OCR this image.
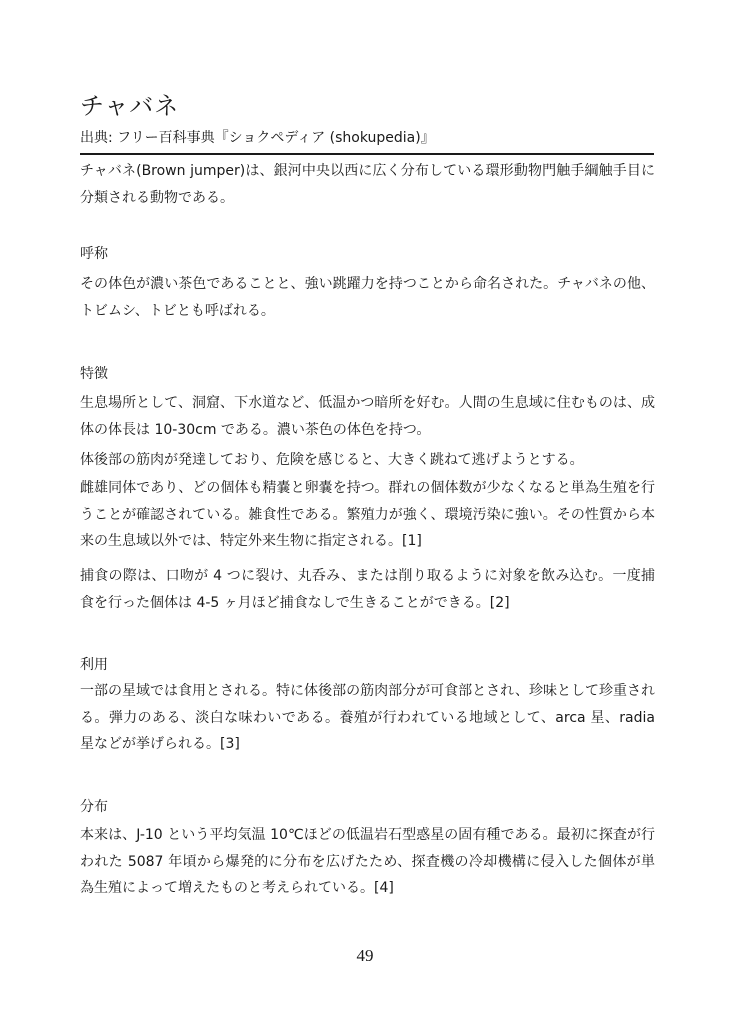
チャバネ
出典: フリー百科事典『ショクペディア (shokupedia)』

チャバネ(Brown jumper)は、銀河中央以西に広く分布している環形動物門触手綱触手目に分類される動物である。

呼称

その体色が濃い茶色であることと、強い跳躍力を持つことから命名された。チャバネの他、トビムシ、トビとも呼ばれる。

特徴

生息場所として、洞窟、下水道など、低温かつ暗所を好む。人間の生息域に住むものは、成体の体長は 10-30cm である。濃い茶色の体色を持つ。

体後部の筋肉が発達しており、危険を感じると、大きく跳ねて逃げようとする。

雌雄同体であり、どの個体も精嚢と卵嚢を持つ。群れの個体数が少なくなると単為生殖を行うことが確認されている。雑食性である。繁殖力が強く、環境汚染に強い。その性質から本来の生息域以外では、特定外来生物に指定される。[1]

捕食の際は、口吻が 4 つに裂け、丸呑み、または削り取るように対象を飲み込む。一度捕食を行った個体は 4-5 ヶ月ほど捕食なしで生きることができる。[2]

利用

一部の星域では食用とされる。特に体後部の筋肉部分が可食部とされ、珍味として珍重される。弾力のある、淡白な味わいである。養殖が行われている地域として、arca 星、radia 星などが挙げられる。[3]

分布

本来は、J-10 という平均気温 10℃ほどの低温岩石型惑星の固有種である。最初に探査が行われた 5087 年頃から爆発的に分布を広げたため、探査機の冷却機構に侵入した個体が単為生殖によって増えたものと考えられている。[4]

49
